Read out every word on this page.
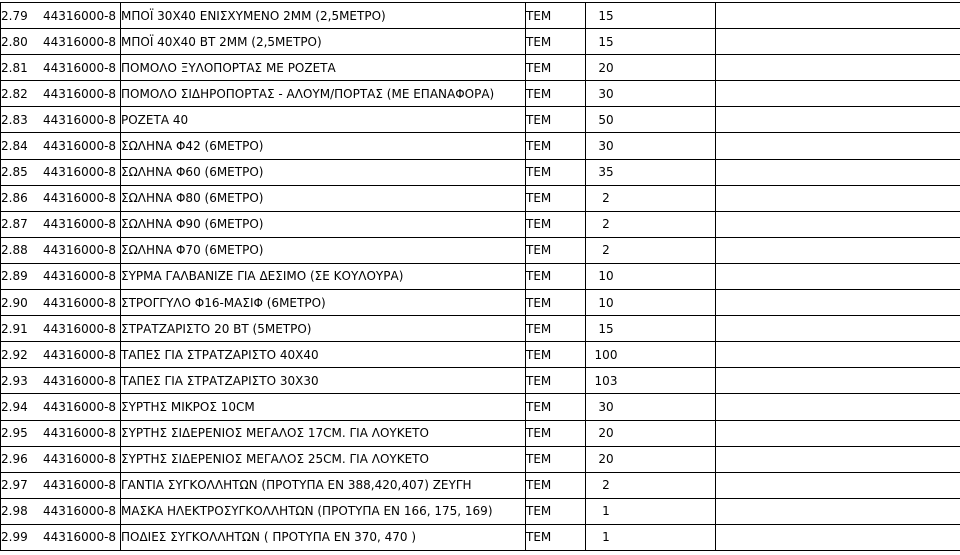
2.79 44316000-8	ΜΠΟΪ 30Χ40 ΕΝΙΣΧΥΜΕΝΟ 2ΜΜ (2,5ΜΕΤΡΟ)	ΤΕΜ	15	
2.80 44316000-8	ΜΠΟΪ 40Χ40 ΒΤ 2ΜΜ (2,5ΜΕΤΡΟ)	ΤΕΜ	15	
2.81 44316000-8	ΠΟΜΟΛΟ ΞΥΛΟΠΟΡΤΑΣ ΜΕ ΡΟΖΕΤΑ	ΤΕΜ	20	
2.82 44316000-8	ΠΟΜΟΛΟ ΣΙΔΗΡΟΠΟΡΤΑΣ - ΑΛΟΥΜ/ΠΟΡΤΑΣ (ΜΕ ΕΠΑΝΑΦΟΡΑ)	ΤΕΜ	30	
2.83 44316000-8	ΡΟΖΕΤΑ 40	ΤΕΜ	50	
2.84 44316000-8	ΣΩΛΗΝΑ Φ42 (6ΜΕΤΡΟ)	ΤΕΜ	30	
2.85 44316000-8	ΣΩΛΗΝΑ Φ60 (6ΜΕΤΡΟ)	ΤΕΜ	35	
2.86 44316000-8	ΣΩΛΗΝΑ Φ80 (6ΜΕΤΡΟ)	ΤΕΜ	2	
2.87 44316000-8	ΣΩΛΗΝΑ Φ90 (6ΜΕΤΡΟ)	ΤΕΜ	2	
2.88 44316000-8	ΣΩΛΗΝΑ Φ70 (6ΜΕΤΡΟ)	ΤΕΜ	2	
2.89 44316000-8	ΣΥΡΜΑ ΓΑΛΒΑΝΙΖΕ ΓΙΑ ΔΕΣΙΜΟ (ΣΕ ΚΟΥΛΟΥΡΑ)	ΤΕΜ	10	
2.90 44316000-8	ΣΤΡΟΓΓΥΛΟ Φ16-ΜΑΣΙΦ (6ΜΕΤΡΟ)	ΤΕΜ	10	
2.91 44316000-8	ΣΤΡΑΤΖΑΡΙΣΤΟ 20 ΒΤ (5ΜΕΤΡΟ)	ΤΕΜ	15	
2.92 44316000-8	ΤΑΠΕΣ ΓΙΑ ΣΤΡΑΤΖΑΡΙΣΤΟ 40Χ40	ΤΕΜ	100	
2.93 44316000-8	ΤΑΠΕΣ ΓΙΑ ΣΤΡΑΤΖΑΡΙΣΤΟ 30Χ30	ΤΕΜ	103	
2.94 44316000-8	ΣΥΡΤΗΣ ΜΙΚΡΟΣ 10CM	ΤΕΜ	30	
2.95 44316000-8	ΣΥΡΤΗΣ ΣΙΔΕΡΕΝΙΟΣ ΜΕΓΑΛΟΣ 17CM. ΓΙΑ ΛΟΥΚΕΤΟ	ΤΕΜ	20	
2.96 44316000-8	ΣΥΡΤΗΣ ΣΙΔΕΡΕΝΙΟΣ ΜΕΓΑΛΟΣ 25CM. ΓΙΑ ΛΟΥΚΕΤΟ	ΤΕΜ	20	
2.97 44316000-8	ΓΑΝΤΙΑ ΣΥΓΚΟΛΛΗΤΩΝ (ΠΡΟΤΥΠΑ ΕΝ 388,420,407) ΖΕΥΓΗ	ΤΕΜ	2	
2.98 44316000-8	ΜΑΣΚΑ ΗΛΕΚΤΡΟΣΥΓΚΟΛΛΗΤΩΝ (ΠΡΟΤΥΠΑ ΕΝ 166, 175, 169)	ΤΕΜ	1	
2.99 44316000-8	ΠΟΔΙΕΣ ΣΥΓΚΟΛΛΗΤΩΝ ( ΠΡΟΤΥΠΑ ΕΝ 370, 470 )	ΤΕΜ	1	
